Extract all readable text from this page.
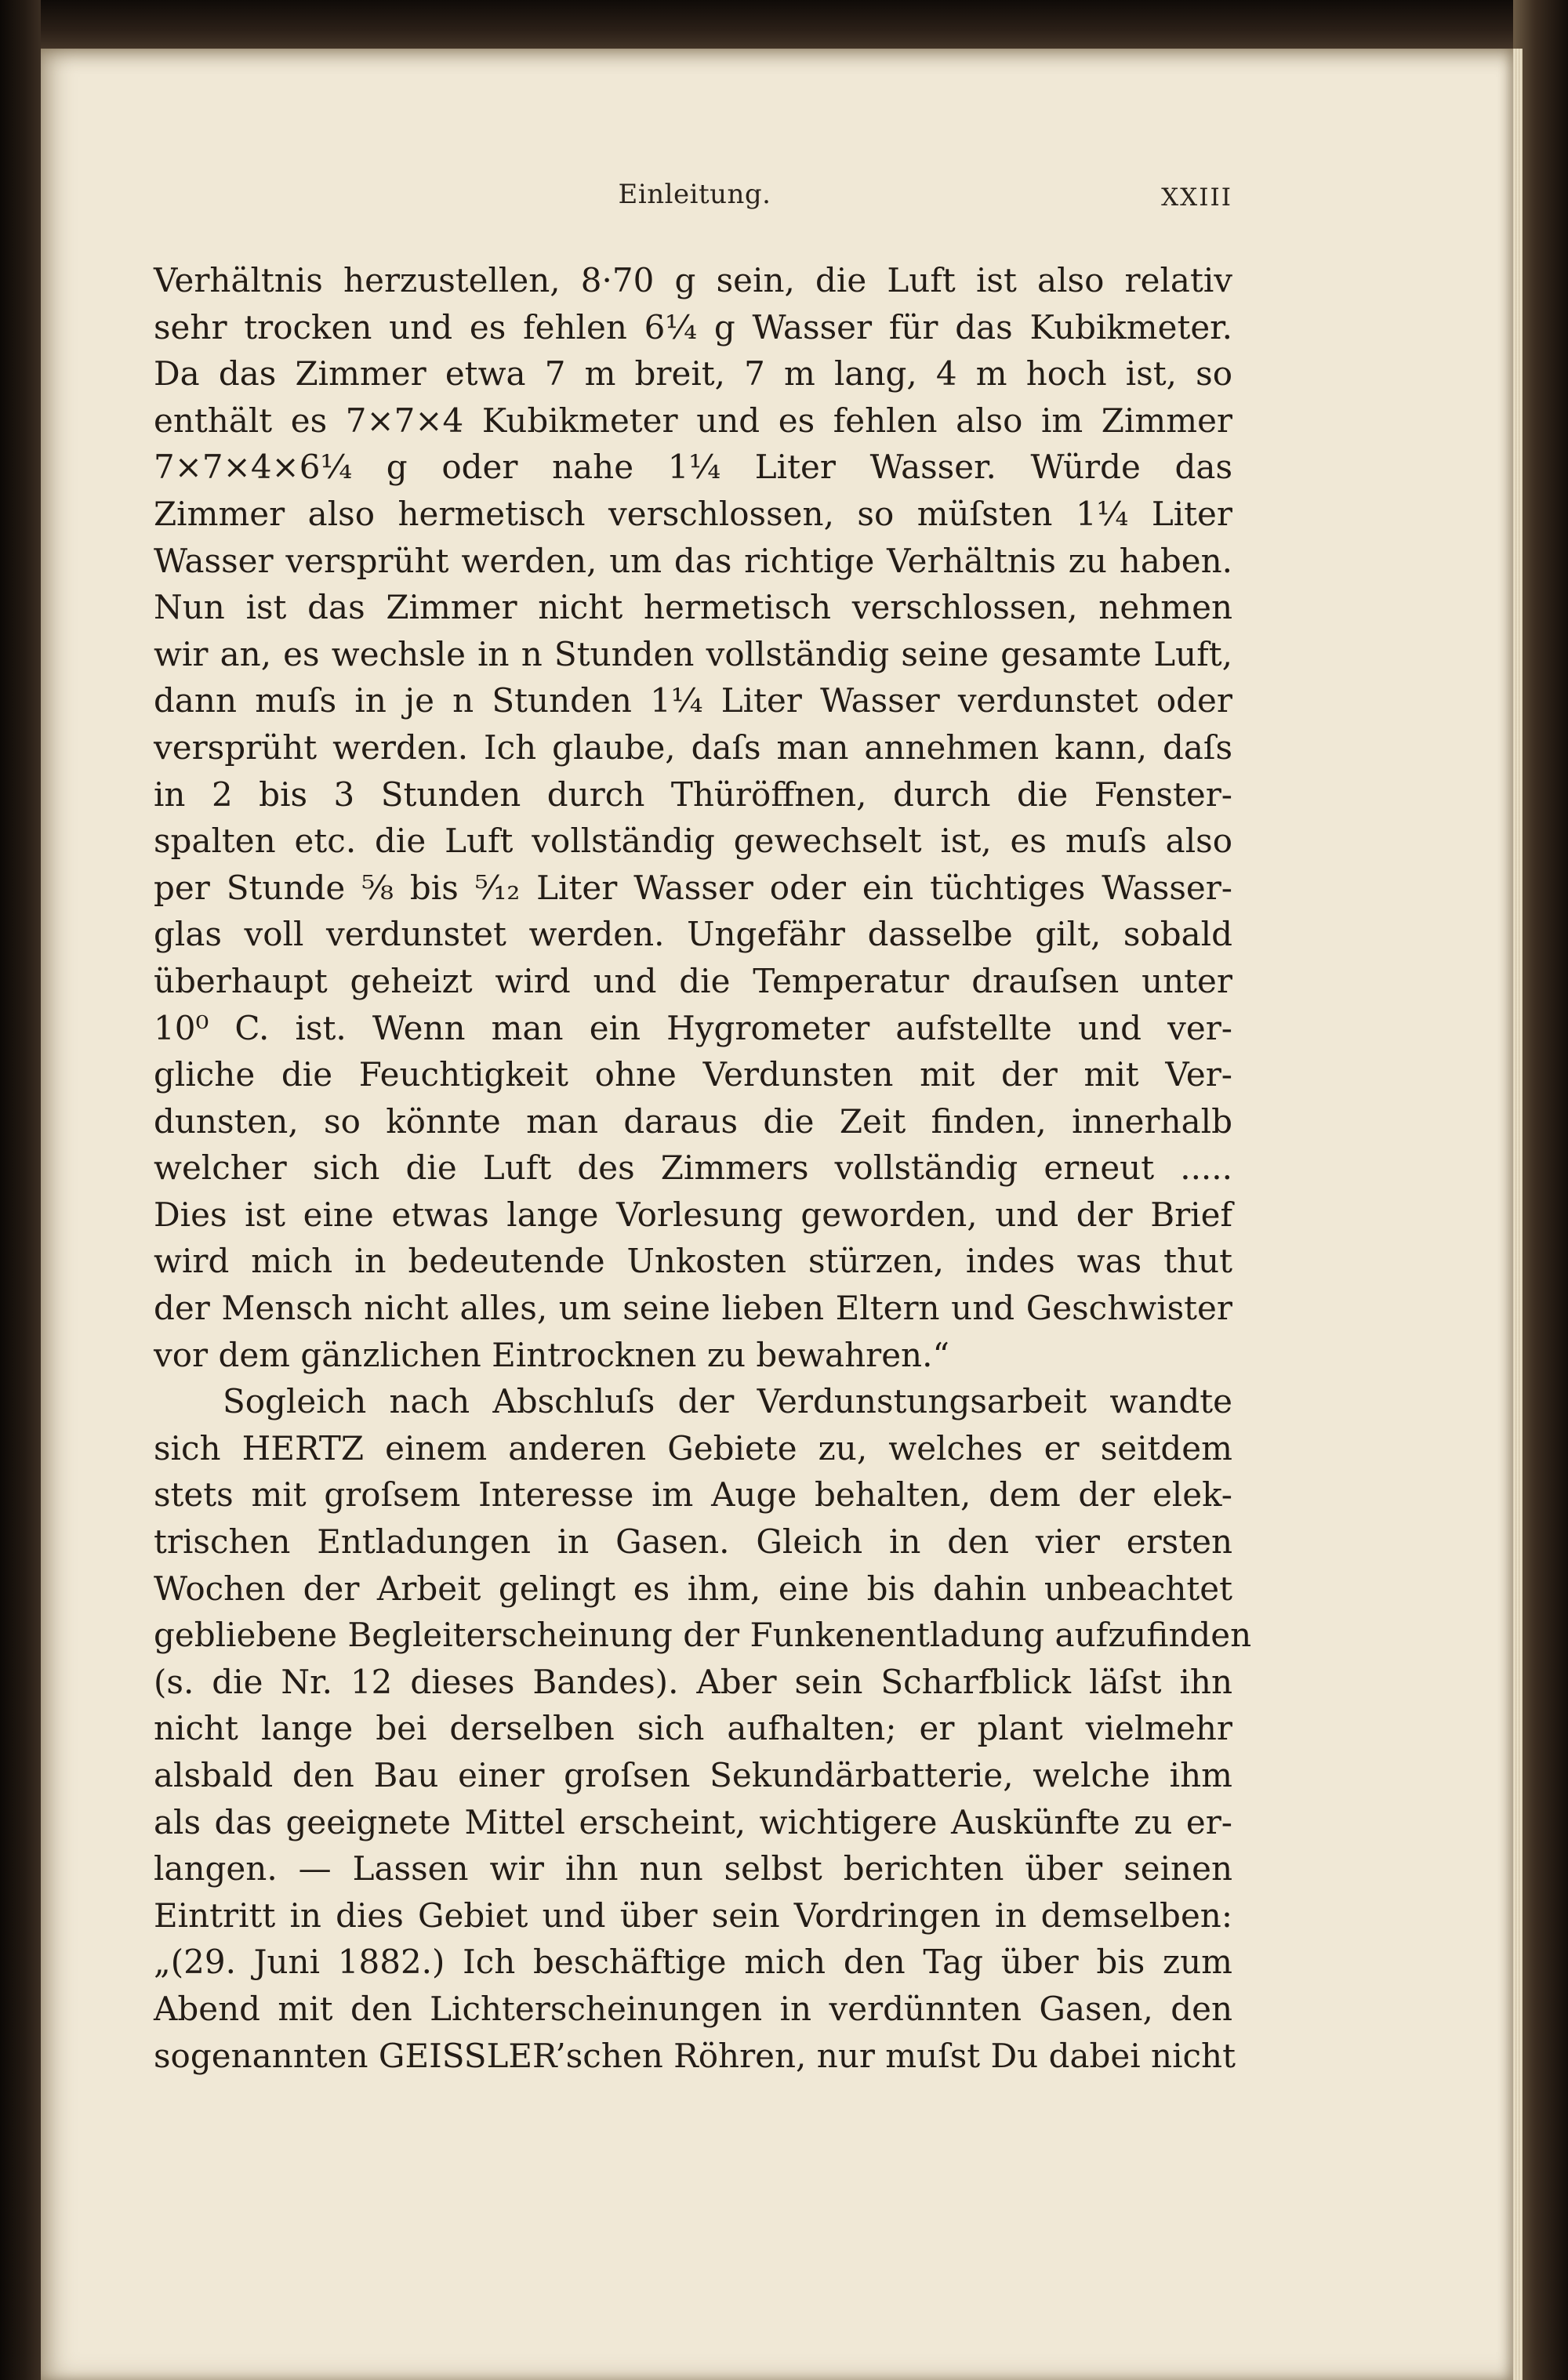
Einleitung.	XXIII
Verhältnis herzustellen, 8·70 g sein, die Luft ist also relativ
sehr trocken und es fehlen 6¼ g Wasser für das Kubikmeter.
Da das Zimmer etwa 7 m breit, 7 m lang, 4 m hoch ist, so
enthält es 7×7×4 Kubikmeter und es fehlen also im Zimmer
7×7×4×6¼ g oder nahe 1¼ Liter Wasser. Würde das
Zimmer also hermetisch verschlossen, so müſsten 1¼ Liter
Wasser versprüht werden, um das richtige Verhältnis zu haben.
Nun ist das Zimmer nicht hermetisch verschlossen, nehmen
wir an, es wechsle in n Stunden vollständig seine gesamte Luft,
dann muſs in je n Stunden 1¼ Liter Wasser verdunstet oder
versprüht werden. Ich glaube, daſs man annehmen kann, daſs
in 2 bis 3 Stunden durch Thüröffnen, durch die Fenster-
spalten etc. die Luft vollständig gewechselt ist, es muſs also
per Stunde ⅝ bis ⁵⁄₁₂ Liter Wasser oder ein tüchtiges Wasser-
glas voll verdunstet werden. Ungefähr dasselbe gilt, sobald
überhaupt geheizt wird und die Temperatur drauſsen unter
10⁰ C. ist. Wenn man ein Hygrometer aufstellte und ver-
gliche die Feuchtigkeit ohne Verdunsten mit der mit Ver-
dunsten, so könnte man daraus die Zeit finden, innerhalb
welcher sich die Luft des Zimmers vollständig erneut .....
Dies ist eine etwas lange Vorlesung geworden, und der Brief
wird mich in bedeutende Unkosten stürzen, indes was thut
der Mensch nicht alles, um seine lieben Eltern und Geschwister
vor dem gänzlichen Eintrocknen zu bewahren.“
Sogleich nach Abschluſs der Verdunstungsarbeit wandte
sich HERTZ einem anderen Gebiete zu, welches er seitdem
stets mit groſsem Interesse im Auge behalten, dem der elek-
trischen Entladungen in Gasen. Gleich in den vier ersten
Wochen der Arbeit gelingt es ihm, eine bis dahin unbeachtet
gebliebene Begleiterscheinung der Funkenentladung aufzufinden
(s. die Nr. 12 dieses Bandes). Aber sein Scharfblick läſst ihn
nicht lange bei derselben sich aufhalten; er plant vielmehr
alsbald den Bau einer groſsen Sekundärbatterie, welche ihm
als das geeignete Mittel erscheint, wichtigere Auskünfte zu er-
langen. — Lassen wir ihn nun selbst berichten über seinen
Eintritt in dies Gebiet und über sein Vordringen in demselben:
„(29. Juni 1882.) Ich beschäftige mich den Tag über bis zum
Abend mit den Lichterscheinungen in verdünnten Gasen, den
sogenannten GEISSLER’schen Röhren, nur muſst Du dabei nicht
